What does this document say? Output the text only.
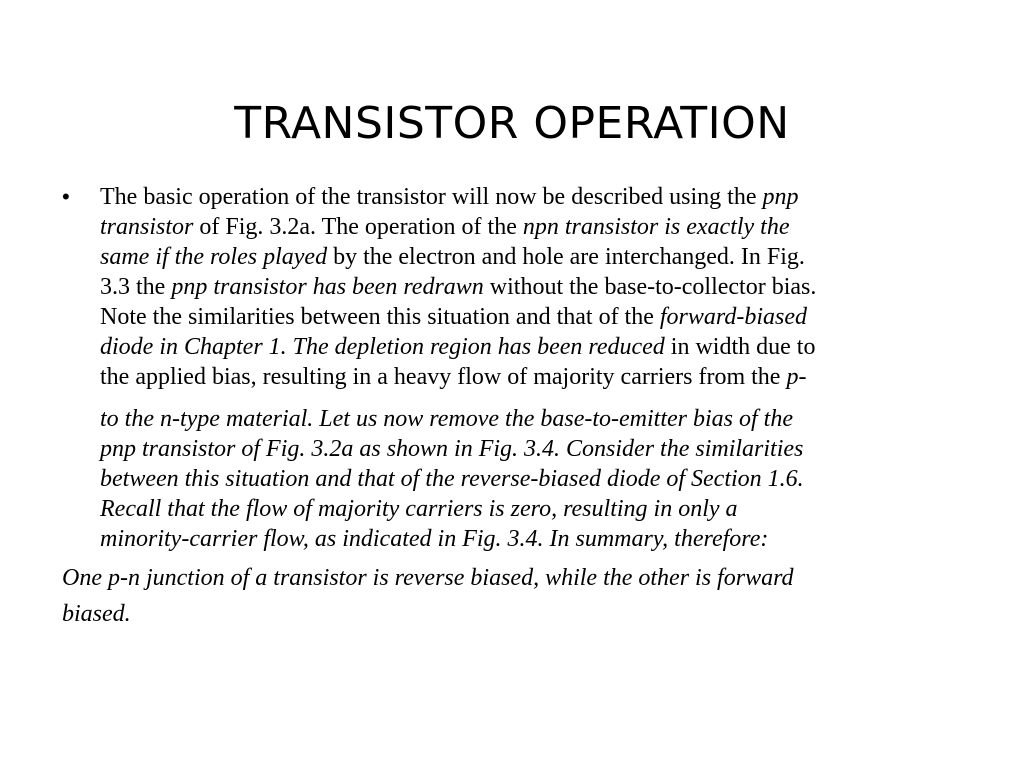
TRANSISTOR OPERATION
• The basic operation of the transistor will now be described using the pnp
transistor of Fig. 3.2a. The operation of the npn transistor is exactly the
same if the roles played by the electron and hole are interchanged. In Fig.
3.3 the pnp transistor has been redrawn without the base-to-collector bias.
Note the similarities between this situation and that of the forward-biased
diode in Chapter 1. The depletion region has been reduced in width due to
the applied bias, resulting in a heavy flow of majority carriers from the p-
to the n-type material. Let us now remove the base-to-emitter bias of the
pnp transistor of Fig. 3.2a as shown in Fig. 3.4. Consider the similarities
between this situation and that of the reverse-biased diode of Section 1.6.
Recall that the flow of majority carriers is zero, resulting in only a
minority-carrier flow, as indicated in Fig. 3.4. In summary, therefore:
One p-n junction of a transistor is reverse biased, while the other is forward
biased.
